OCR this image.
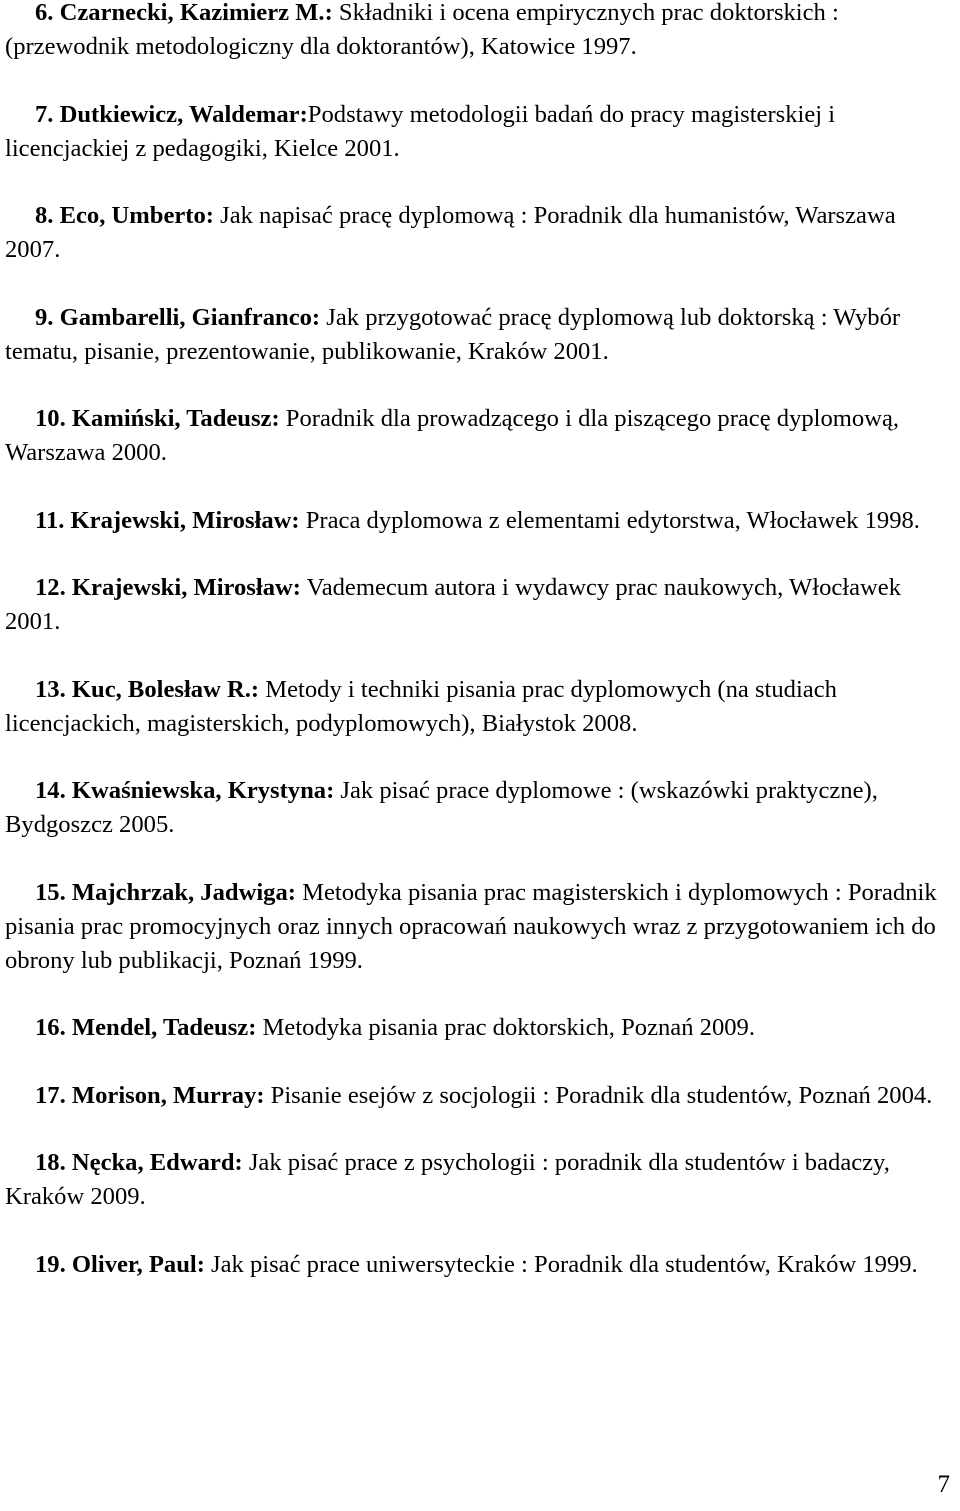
6. Czarnecki, Kazimierz M.: Składniki i ocena empirycznych prac doktorskich : (przewodnik metodologiczny dla doktorantów), Katowice 1997.

7. Dutkiewicz, Waldemar:Podstawy metodologii badań do pracy magisterskiej i licencjackiej z pedagogiki, Kielce 2001.

8. Eco, Umberto: Jak napisać pracę dyplomową : Poradnik dla humanistów, Warszawa 2007.

9. Gambarelli, Gianfranco: Jak przygotować pracę dyplomową lub doktorską : Wybór tematu, pisanie, prezentowanie, publikowanie, Kraków 2001.

10. Kamiński, Tadeusz: Poradnik dla prowadzącego i dla piszącego pracę dyplomową, Warszawa 2000.

11. Krajewski, Mirosław: Praca dyplomowa z elementami edytorstwa, Włocławek 1998.

12. Krajewski, Mirosław: Vademecum autora i wydawcy prac naukowych, Włocławek 2001.

13. Kuc, Bolesław R.: Metody i techniki pisania prac dyplomowych (na studiach licencjackich, magisterskich, podyplomowych), Białystok 2008.

14. Kwaśniewska, Krystyna: Jak pisać prace dyplomowe : (wskazówki praktyczne), Bydgoszcz 2005.

15. Majchrzak, Jadwiga: Metodyka pisania prac magisterskich i dyplomowych : Poradnik pisania prac promocyjnych oraz innych opracowań naukowych wraz z przygotowaniem ich do obrony lub publikacji, Poznań 1999.

16. Mendel, Tadeusz: Metodyka pisania prac doktorskich, Poznań 2009.

17. Morison, Murray: Pisanie esejów z socjologii : Poradnik dla studentów, Poznań 2004.

18. Nęcka, Edward: Jak pisać prace z psychologii : poradnik dla studentów i badaczy, Kraków 2009.

19. Oliver, Paul: Jak pisać prace uniwersyteckie : Poradnik dla studentów, Kraków 1999.

7
